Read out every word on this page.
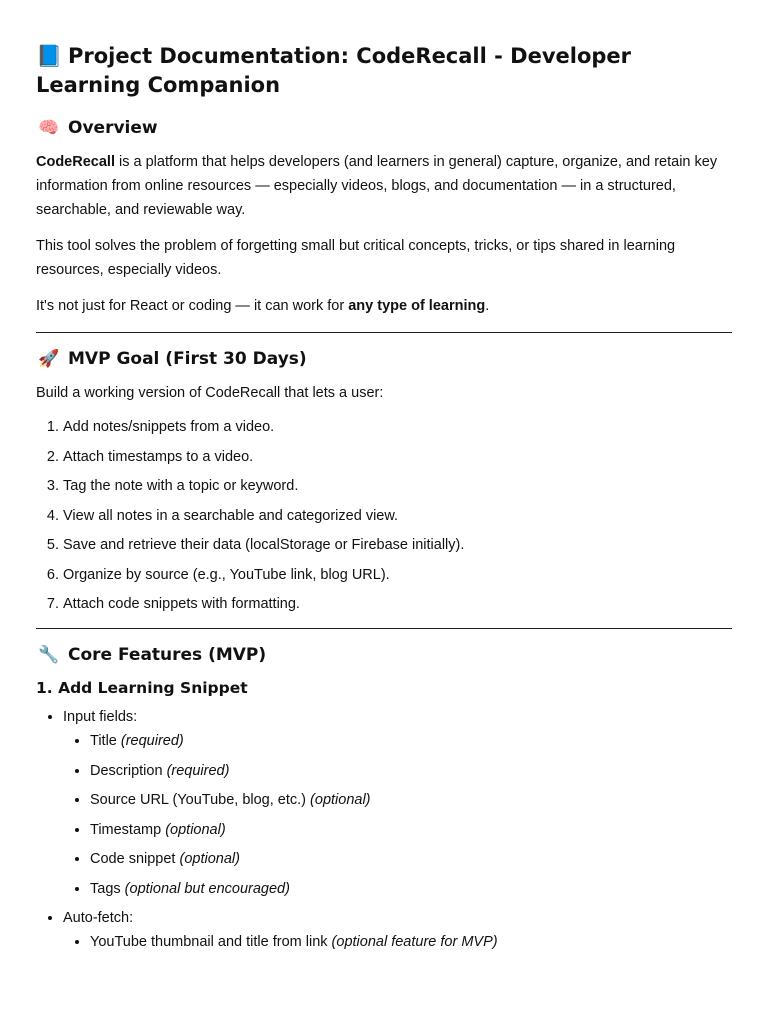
📘 Project Documentation: CodeRecall - Developer Learning Companion
🧠 Overview

CodeRecall is a platform that helps developers (and learners in general) capture, organize, and retain key information from online resources — especially videos, blogs, and documentation — in a structured, searchable, and reviewable way.

This tool solves the problem of forgetting small but critical concepts, tricks, or tips shared in learning resources, especially videos.

It's not just for React or coding — it can work for any type of learning.

🚀 MVP Goal (First 30 Days)

Build a working version of CodeRecall that lets a user:

1. Add notes/snippets from a video.
2. Attach timestamps to a video.
3. Tag the note with a topic or keyword.
4. View all notes in a searchable and categorized view.
5. Save and retrieve their data (localStorage or Firebase initially).
6. Organize by source (e.g., YouTube link, blog URL).
7. Attach code snippets with formatting.
🔧 Core Features (MVP)
1. Add Learning Snippet
• Input fields:
• Title (required)
• Description (required)
• Source URL (YouTube, blog, etc.) (optional)
• Timestamp (optional)
• Code snippet (optional)
• Tags (optional but encouraged)
• Auto-fetch:
• YouTube thumbnail and title from link (optional feature for MVP)
